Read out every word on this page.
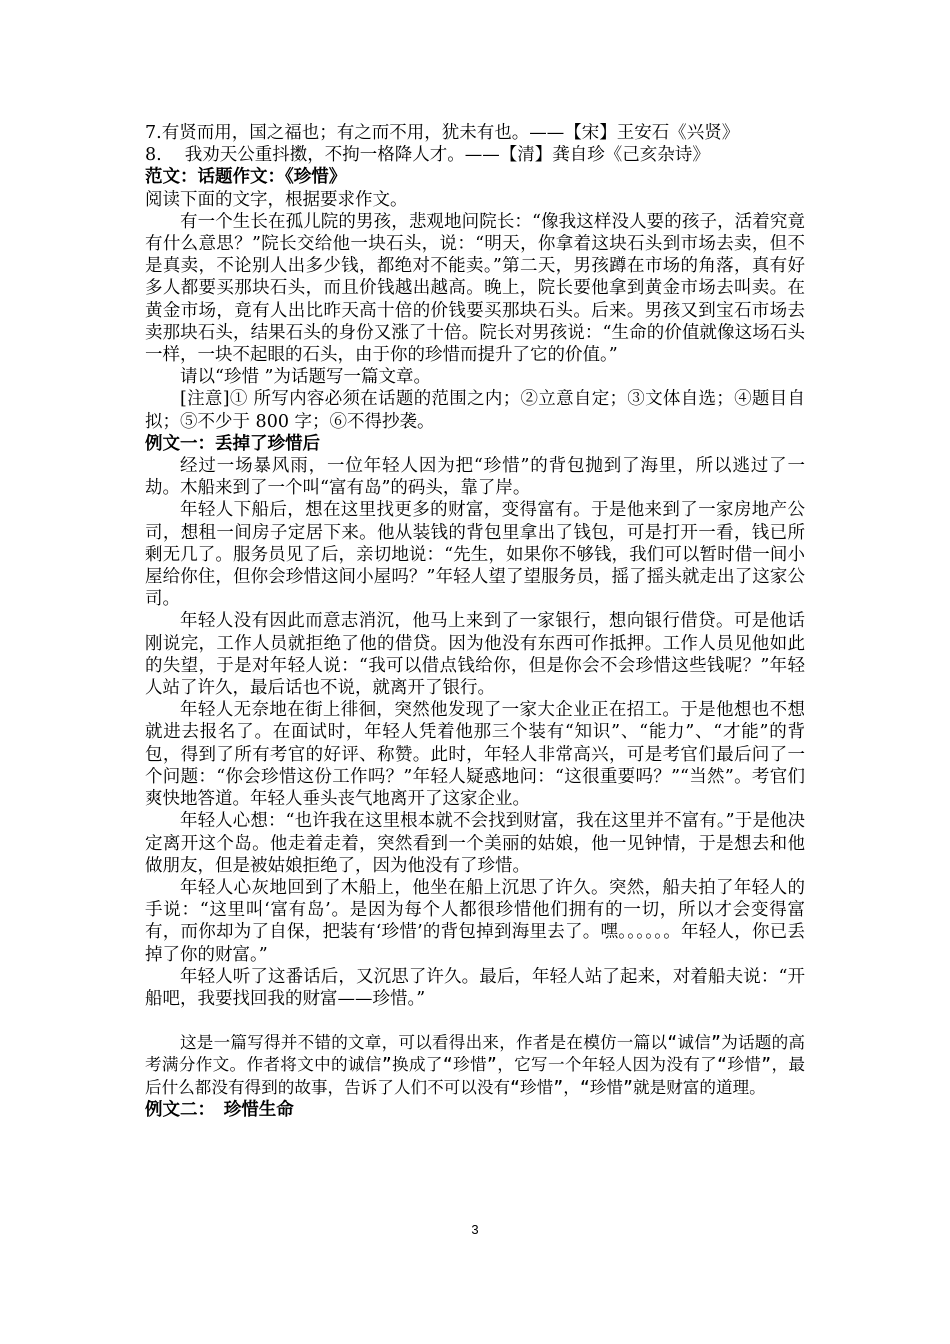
7.有贤而用，国之福也；有之而不用，犹未有也。——【宋】王安石《兴贤》

8.　 我劝天公重抖擞，不拘一格降人才。——【清】龚自珍《己亥杂诗》

范文：话题作文：《珍惜》

阅读下面的文字，根据要求作文。

有一个生长在孤儿院的男孩，悲观地问院长：“像我这样没人要的孩子，活着究竟有什么意思？”院长交给他一块石头，说：“明天，你拿着这块石头到市场去卖，但不是真卖，不论别人出多少钱，都绝对不能卖。”第二天，男孩蹲在市场的角落，真有好多人都要买那块石头，而且价钱越出越高。晚上，院长要他拿到黄金市场去叫卖。在黄金市场，竟有人出比昨天高十倍的价钱要买那块石头。后来。男孩又到宝石市场去卖那块石头，结果石头的身份又涨了十倍。院长对男孩说：“生命的价值就像这场石头一样，一块不起眼的石头，由于你的珍惜而提升了它的价值。”

请以“珍惜 ”为话题写一篇文章。

[注意]① 所写内容必须在话题的范围之内；②立意自定；③文体自选；④题目自拟；⑤不少于 800 字；⑥不得抄袭。

例文一：丢掉了珍惜后

经过一场暴风雨，一位年轻人因为把“珍惜”的背包抛到了海里，所以逃过了一劫。木船来到了一个叫“富有岛”的码头，靠了岸。

年轻人下船后，想在这里找更多的财富，变得富有。于是他来到了一家房地产公司，想租一间房子定居下来。他从装钱的背包里拿出了钱包，可是打开一看，钱已所剩无几了。服务员见了后，亲切地说：“先生，如果你不够钱，我们可以暂时借一间小屋给你住，但你会珍惜这间小屋吗？”年轻人望了望服务员，摇了摇头就走出了这家公司。

年轻人没有因此而意志消沉，他马上来到了一家银行，想向银行借贷。可是他话刚说完，工作人员就拒绝了他的借贷。因为他没有东西可作抵押。工作人员见他如此的失望，于是对年轻人说：“我可以借点钱给你，但是你会不会珍惜这些钱呢？”年轻人站了许久，最后话也不说，就离开了银行。

年轻人无奈地在街上徘徊，突然他发现了一家大企业正在招工。于是他想也不想就进去报名了。在面试时，年轻人凭着他那三个装有“知识”、“能力”、“才能”的背包，得到了所有考官的好评、称赞。此时，年轻人非常高兴，可是考官们最后问了一个问题：“你会珍惜这份工作吗？”年轻人疑惑地问：“这很重要吗？”“当然”。考官们爽快地答道。年轻人垂头丧气地离开了这家企业。

年轻人心想：“也许我在这里根本就不会找到财富，我在这里并不富有。”于是他决定离开这个岛。他走着走着，突然看到一个美丽的姑娘，他一见钟情，于是想去和他做朋友，但是被姑娘拒绝了，因为他没有了珍惜。

年轻人心灰地回到了木船上，他坐在船上沉思了许久。突然，船夫拍了年轻人的手说：“这里叫‘富有岛’。是因为每个人都很珍惜他们拥有的一切，所以才会变得富有，而你却为了自保，把装有‘珍惜’的背包掉到海里去了。嘿。。。。。。年轻人，你已丢掉了你的财富。”

年轻人听了这番话后，又沉思了许久。最后，年轻人站了起来，对着船夫说：“开船吧，我要找回我的财富——珍惜。”

这是一篇写得并不错的文章，可以看得出来，作者是在模仿一篇以“诚信”为话题的高考满分作文。作者将文中的诚信”换成了“珍惜”，它写一个年轻人因为没有了“珍惜”，最后什么都没有得到的故事，告诉了人们不可以没有“珍惜”，“珍惜”就是财富的道理。

例文二：　珍惜生命

3
